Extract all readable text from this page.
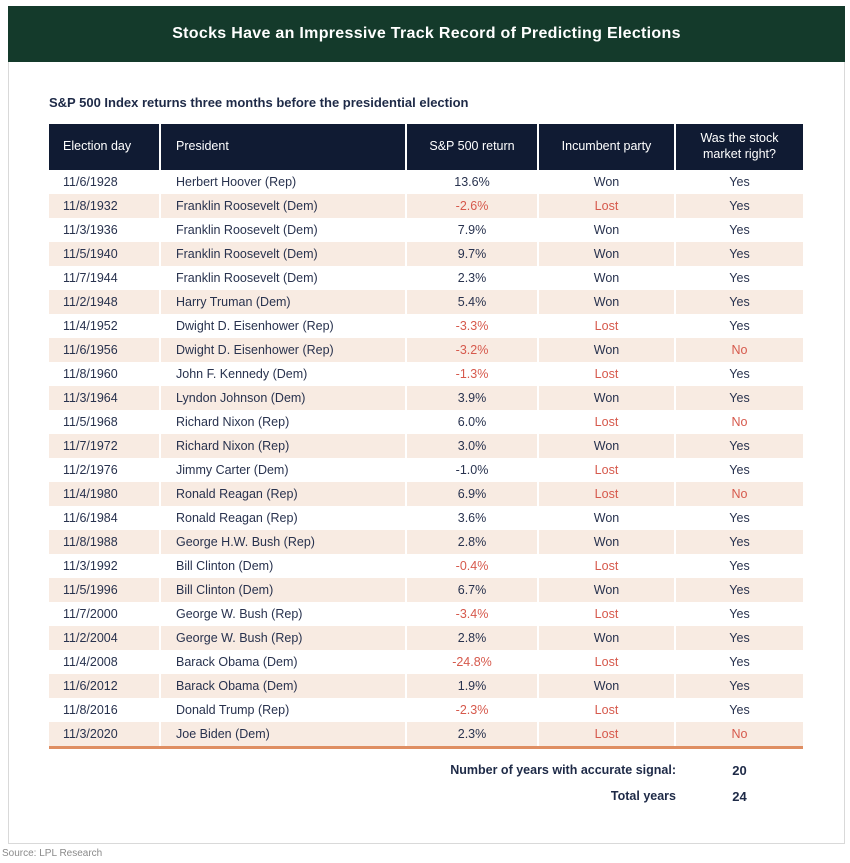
Stocks Have an Impressive Track Record of Predicting Elections
S&P 500 Index returns three months before the presidential election
Election day	President	S&P 500 return	Incumbent party	Was the stock market right?
11/6/1928	Herbert Hoover (Rep)	13.6%	Won	Yes
11/8/1932	Franklin Roosevelt (Dem)	-2.6%	Lost	Yes
11/3/1936	Franklin Roosevelt (Dem)	7.9%	Won	Yes
11/5/1940	Franklin Roosevelt (Dem)	9.7%	Won	Yes
11/7/1944	Franklin Roosevelt (Dem)	2.3%	Won	Yes
11/2/1948	Harry Truman (Dem)	5.4%	Won	Yes
11/4/1952	Dwight D. Eisenhower (Rep)	-3.3%	Lost	Yes
11/6/1956	Dwight D. Eisenhower (Rep)	-3.2%	Won	No
11/8/1960	John F. Kennedy (Dem)	-1.3%	Lost	Yes
11/3/1964	Lyndon Johnson (Dem)	3.9%	Won	Yes
11/5/1968	Richard Nixon (Rep)	6.0%	Lost	No
11/7/1972	Richard Nixon (Rep)	3.0%	Won	Yes
11/2/1976	Jimmy Carter (Dem)	-1.0%	Lost	Yes
11/4/1980	Ronald Reagan (Rep)	6.9%	Lost	No
11/6/1984	Ronald Reagan (Rep)	3.6%	Won	Yes
11/8/1988	George H.W. Bush (Rep)	2.8%	Won	Yes
11/3/1992	Bill Clinton (Dem)	-0.4%	Lost	Yes
11/5/1996	Bill Clinton (Dem)	6.7%	Won	Yes
11/7/2000	George W. Bush (Rep)	-3.4%	Lost	Yes
11/2/2004	George W. Bush (Rep)	2.8%	Won	Yes
11/4/2008	Barack Obama (Dem)	-24.8%	Lost	Yes
11/6/2012	Barack Obama (Dem)	1.9%	Won	Yes
11/8/2016	Donald Trump (Rep)	-2.3%	Lost	Yes
11/3/2020	Joe Biden (Dem)	2.3%	Lost	No
Number of years with accurate signal:	20
Total years	24
Source: LPL Research
